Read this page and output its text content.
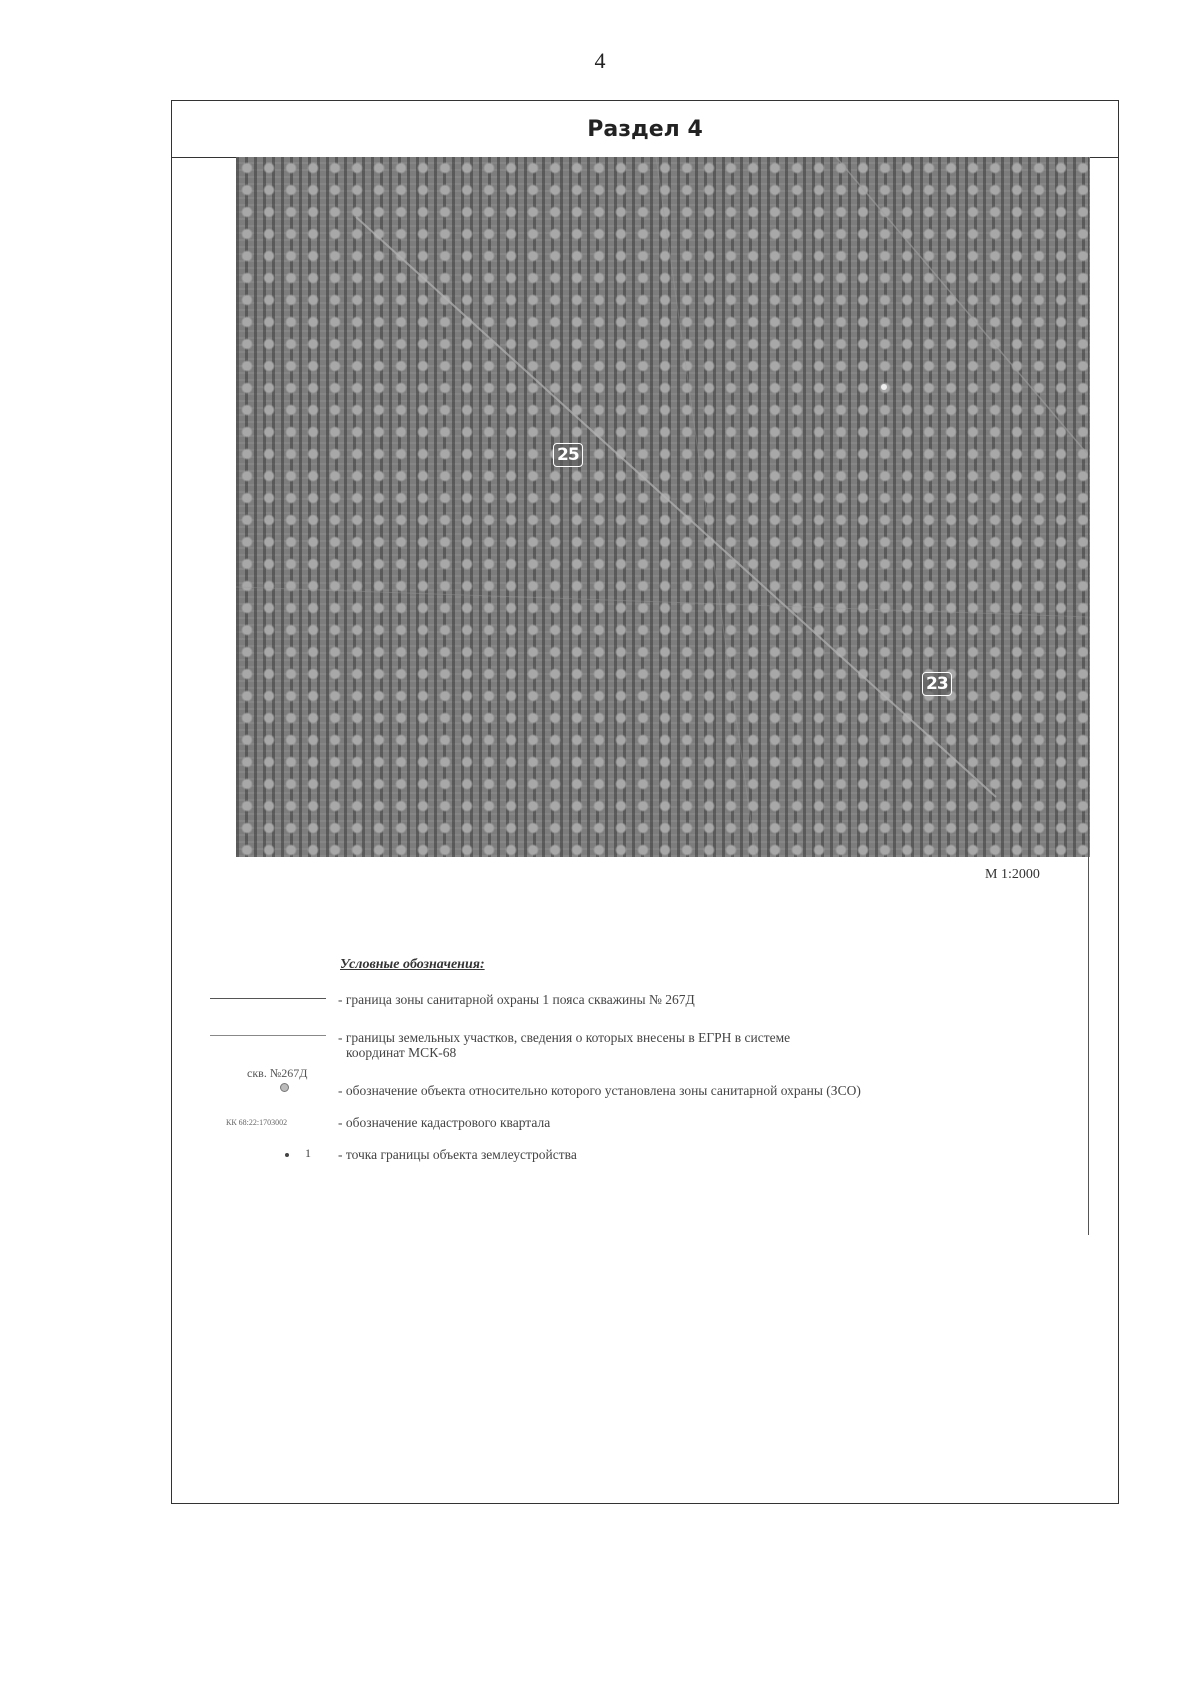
4
Раздел 4
25
23
М 1:2000
Условные обозначения:
- граница зоны санитарной охраны 1 пояса скважины № 267Д
- границы земельных участков, сведения о которых внесены в ЕГРН в системе
координат МСК-68
скв. №267Д
- обозначение объекта относительно которого установлена зоны санитарной охраны (ЗСО)
КК 68:22:1703002	- обозначение кадастрового квартала
1 - точка границы объекта землеустройства
